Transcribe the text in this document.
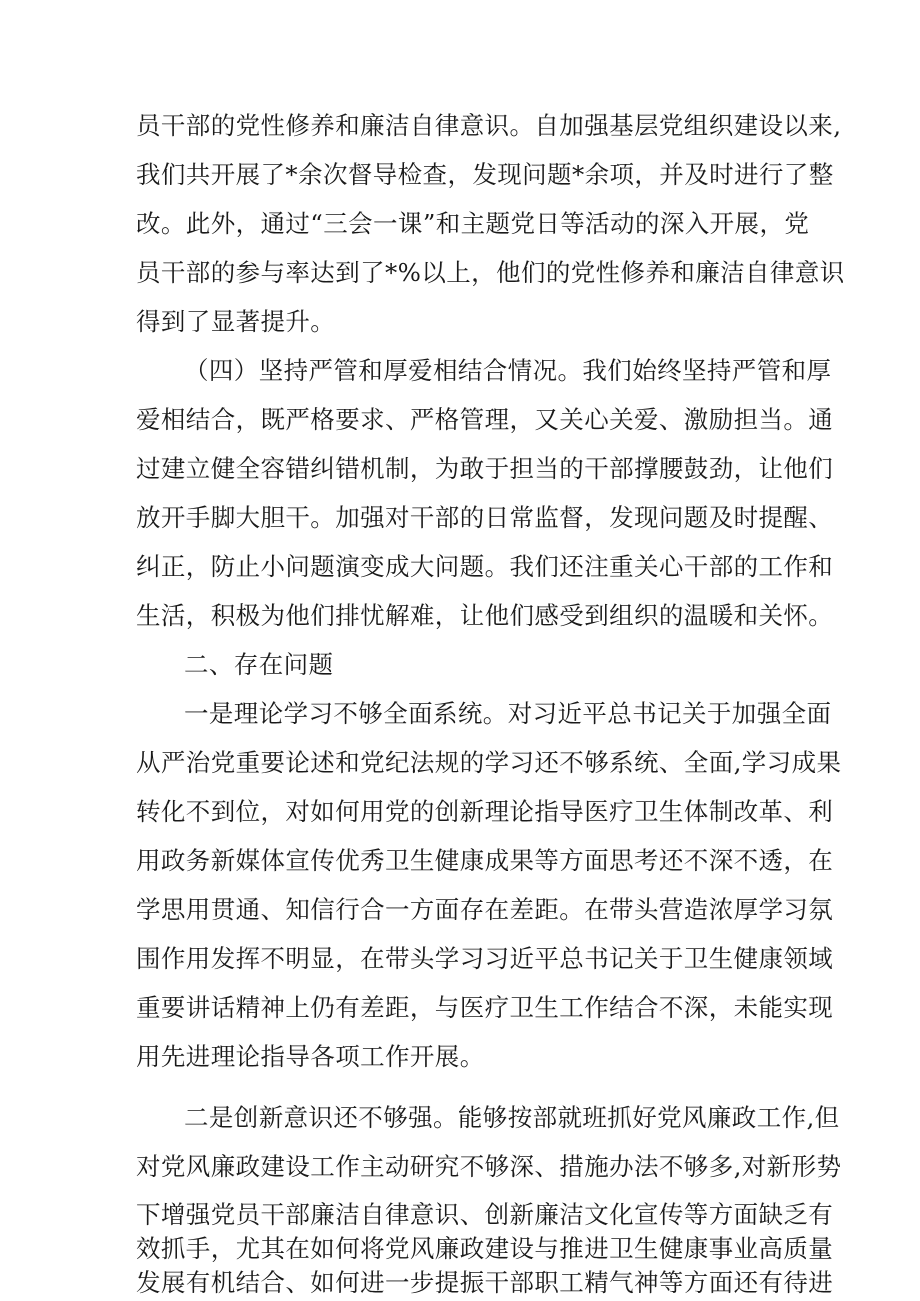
员干部的党性修养和廉洁自律意识。自加强基层党组织建设以来,
我们共开展了*余次督导检查，发现问题*余项，并及时进行了整
改。此外，通过“三会一课”和主题党日等活动的深入开展，党
员干部的参与率达到了*%以上，他们的党性修养和廉洁自律意识
得到了显著提升。
（四）坚持严管和厚爱相结合情况。我们始终坚持严管和厚
爱相结合，既严格要求、严格管理，又关心关爱、激励担当。通
过建立健全容错纠错机制，为敢于担当的干部撑腰鼓劲，让他们
放开手脚大胆干。加强对干部的日常监督，发现问题及时提醒、
纠正，防止小问题演变成大问题。我们还注重关心干部的工作和
生活，积极为他们排忧解难，让他们感受到组织的温暖和关怀。
二、存在问题
一是理论学习不够全面系统。对习近平总书记关于加强全面
从严治党重要论述和党纪法规的学习还不够系统、全面,学习成果
转化不到位，对如何用党的创新理论指导医疗卫生体制改革、利
用政务新媒体宣传优秀卫生健康成果等方面思考还不深不透，在
学思用贯通、知信行合一方面存在差距。在带头营造浓厚学习氛
围作用发挥不明显，在带头学习习近平总书记关于卫生健康领域
重要讲话精神上仍有差距，与医疗卫生工作结合不深，未能实现
用先进理论指导各项工作开展。
二是创新意识还不够强。能够按部就班抓好党风廉政工作,但
对党风廉政建设工作主动研究不够深、措施办法不够多,对新形势
下增强党员干部廉洁自律意识、创新廉洁文化宣传等方面缺乏有
效抓手，尤其在如何将党风廉政建设与推进卫生健康事业高质量
发展有机结合、如何进一步提振干部职工精气神等方面还有待进
